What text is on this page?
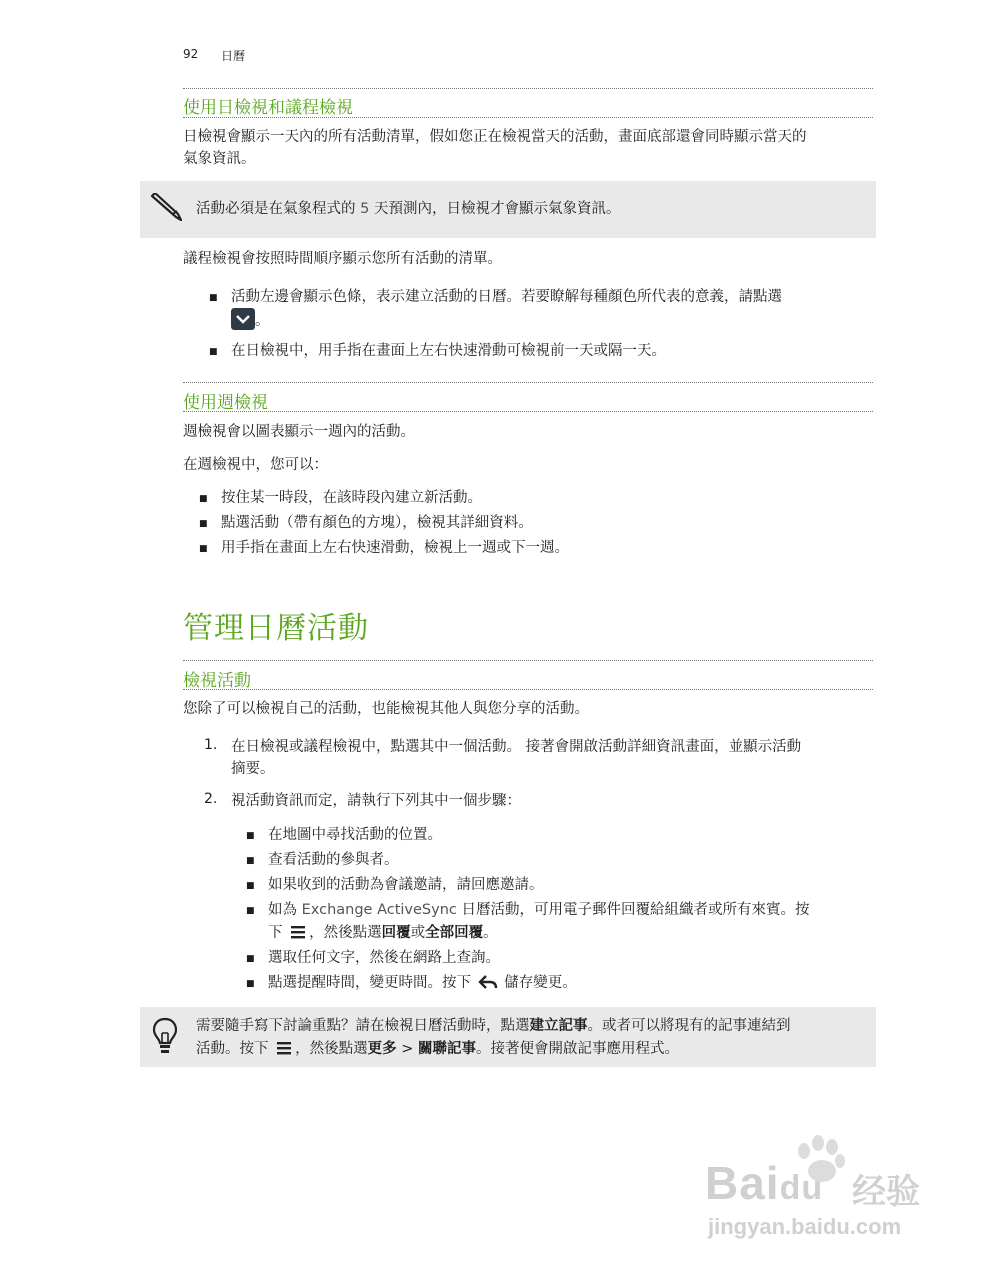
92 日曆
使用日檢視和議程檢視
日檢視會顯示一天內的所有活動清單，假如您正在檢視當天的活動，畫面底部還會同時顯示當天的
氣象資訊。
活動必須是在氣象程式的 5 天預測內，日檢視才會顯示氣象資訊。
議程檢視會按照時間順序顯示您所有活動的清單。
■ 活動左邊會顯示色條，表示建立活動的日曆。若要瞭解每種顏色所代表的意義，請點選
。
■ 在日檢視中，用手指在畫面上左右快速滑動可檢視前一天或隔一天。
使用週檢視
週檢視會以圖表顯示一週內的活動。
在週檢視中，您可以：
■ 按住某一時段，在該時段內建立新活動。
■ 點選活動（帶有顏色的方塊），檢視其詳細資料。
■ 用手指在畫面上左右快速滑動，檢視上一週或下一週。
管理日曆活動
檢視活動
您除了可以檢視自己的活動，也能檢視其他人與您分享的活動。
1. 在日檢視或議程檢視中，點選其中一個活動。 接著會開啟活動詳細資訊畫面，並顯示活動
摘要。
2. 視活動資訊而定，請執行下列其中一個步驟：
■ 在地圖中尋找活動的位置。
■ 查看活動的參與者。
■ 如果收到的活動為會議邀請，請回應邀請。
■ 如為 Exchange ActiveSync 日曆活動，可用電子郵件回覆給組織者或所有來賓。按
下 ，然後點選回覆或全部回覆。
■ 選取任何文字，然後在網路上查詢。
■ 點選提醒時間，變更時間。按下 儲存變更。
需要隨手寫下討論重點？請在檢視日曆活動時，點選建立記事。或者可以將現有的記事連結到
活動。按下 ，然後點選更多 > 關聯記事。接著便會開啟記事應用程式。
Baidu 经验
jingyan.baidu.com
